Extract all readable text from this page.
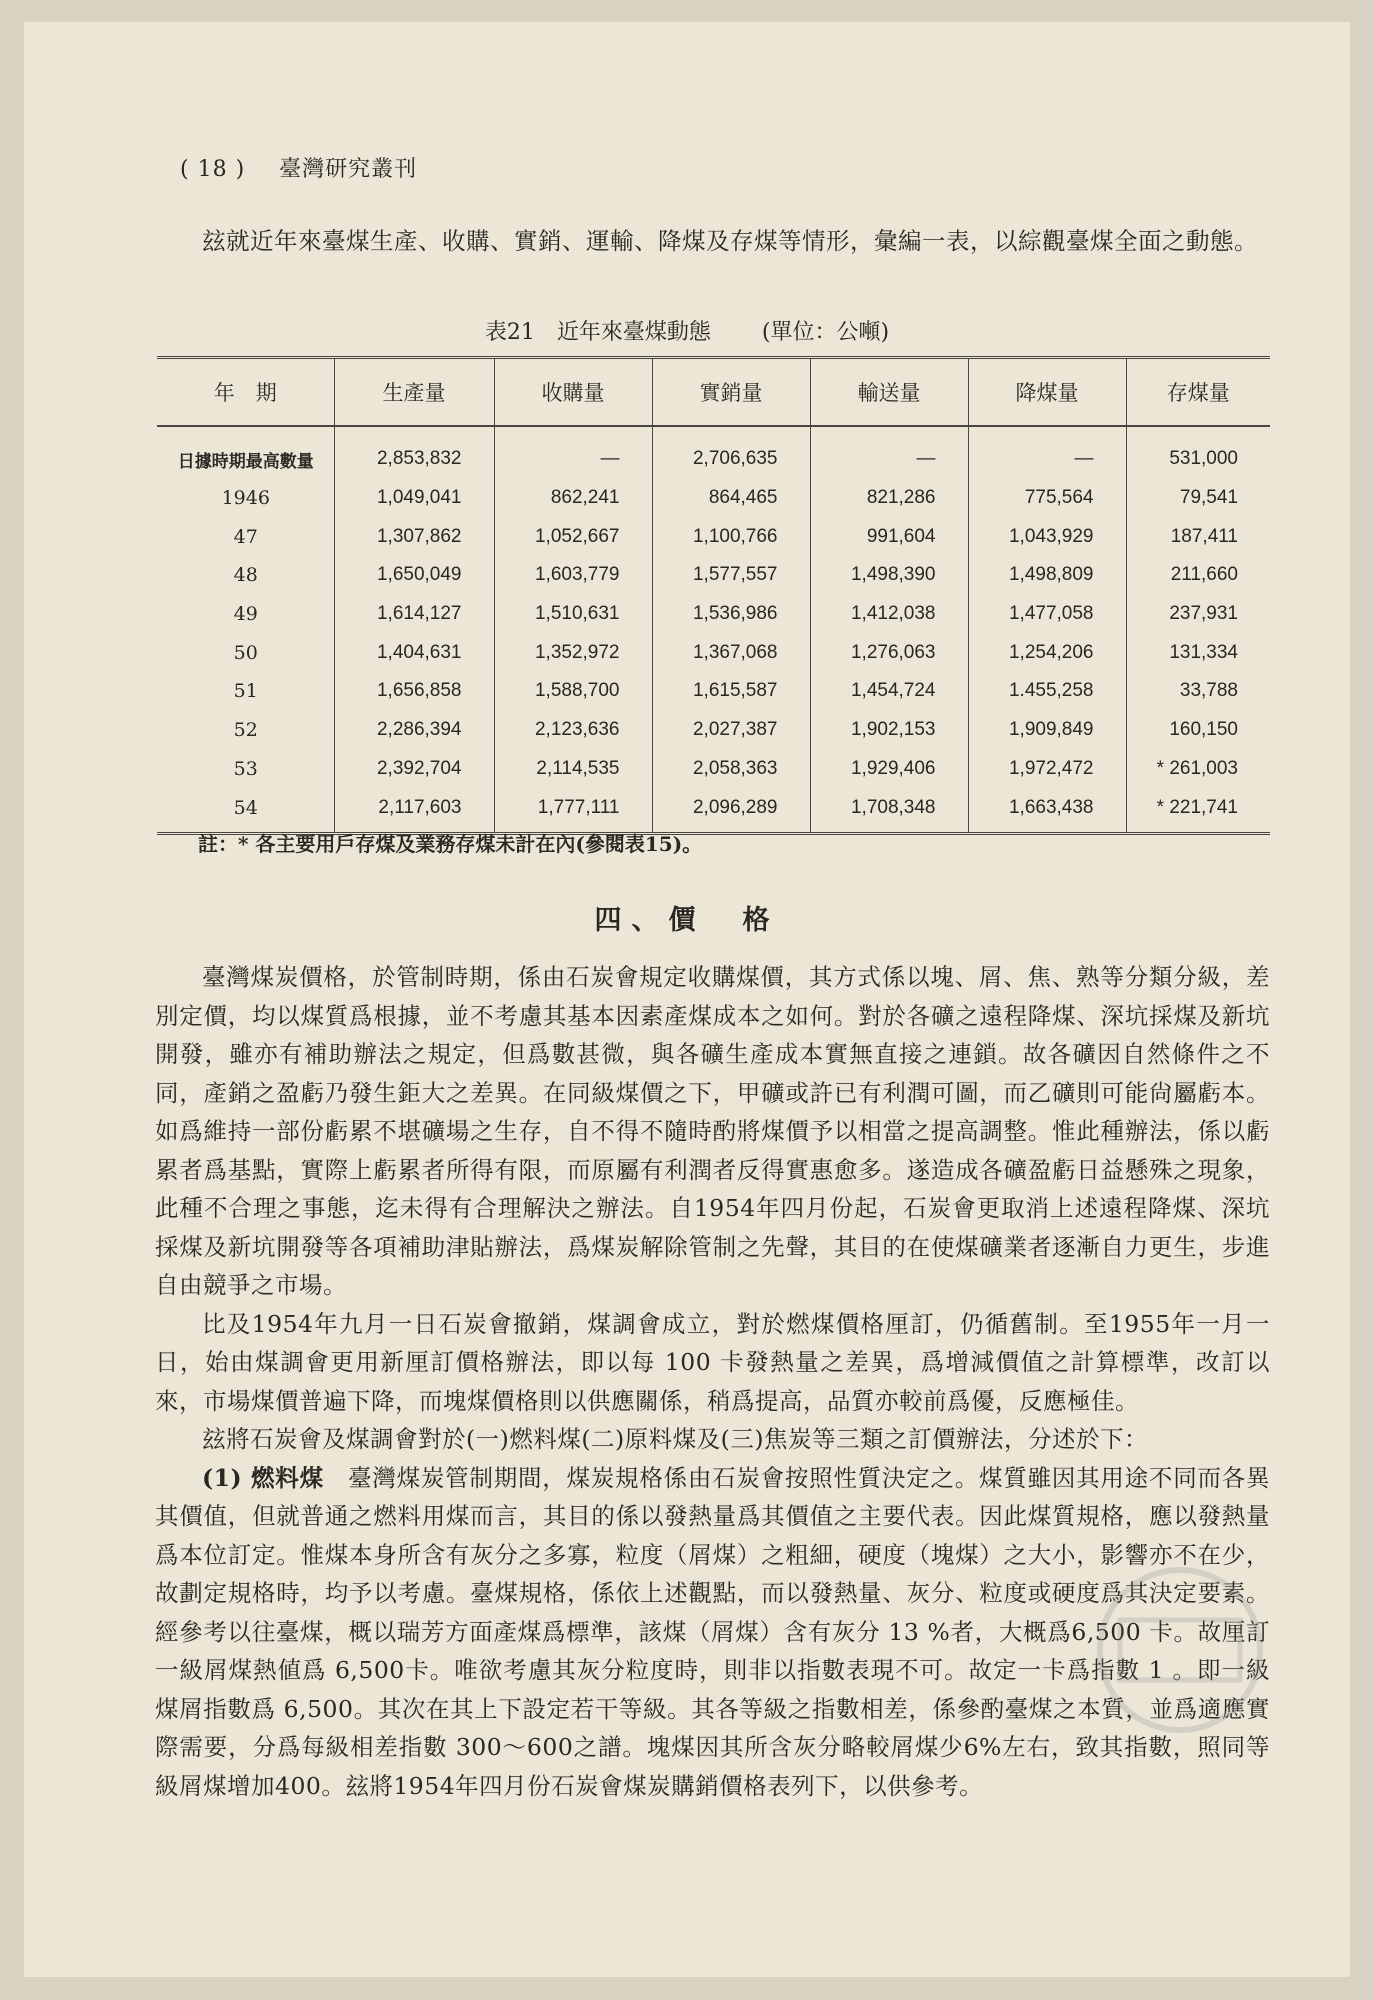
( 18 ) 臺灣研究叢刊

玆就近年來臺煤生產、收購、實銷、運輸、降煤及存煤等情形，彙編一表，以綜觀臺煤全面之動態。

表21　近年來臺煤動態 (單位：公噸)
年　期	生產量	收購量	實銷量	輸送量	降煤量	存煤量
日據時期最高數量	2,853,832	—	2,706,635	—	—	531,000
1946	1,049,041	862,241	864,465	821,286	775,564	79,541
47	1,307,862	1,052,667	1,100,766	991,604	1,043,929	187,411
48	1,650,049	1,603,779	1,577,557	1,498,390	1,498,809	211,660
49	1,614,127	1,510,631	1,536,986	1,412,038	1,477,058	237,931
50	1,404,631	1,352,972	1,367,068	1,276,063	1,254,206	131,334
51	1,656,858	1,588,700	1,615,587	1,454,724	1.455,258	33,788
52	2,286,394	2,123,636	2,027,387	1,902,153	1,909,849	160,150
53	2,392,704	2,114,535	2,058,363	1,929,406	1,972,472	* 261,003
54	2,117,603	1,777,111	2,096,289	1,708,348	1,663,438	* 221,741
註：* 各主要用戶存煤及業務存煤未計在內(參閱表15)。
四、價　格

臺灣煤炭價格，於管制時期，係由石炭會規定收購煤價，其方式係以塊、屑、焦、熟等分類分級，差別定價，均以煤質爲根據，並不考慮其基本因素產煤成本之如何。對於各礦之遠程降煤、深坑採煤及新坑開發，雖亦有補助辦法之規定，但爲數甚微，與各礦生產成本實無直接之連鎖。故各礦因自然條件之不同，產銷之盈虧乃發生鉅大之差異。在同級煤價之下，甲礦或許已有利潤可圖，而乙礦則可能尙屬虧本。如爲維持一部份虧累不堪礦場之生存，自不得不隨時酌將煤價予以相當之提高調整。惟此種辦法，係以虧累者爲基點，實際上虧累者所得有限，而原屬有利潤者反得實惠愈多。遂造成各礦盈虧日益懸殊之現象，此種不合理之事態，迄未得有合理解決之辦法。自1954年四月份起，石炭會更取消上述遠程降煤、深坑採煤及新坑開發等各項補助津貼辦法，爲煤炭解除管制之先聲，其目的在使煤礦業者逐漸自力更生，步進自由競爭之市場。

比及1954年九月一日石炭會撤銷，煤調會成立，對於燃煤價格厘訂，仍循舊制。至1955年一月一日，始由煤調會更用新厘訂價格辦法，即以每 100 卡發熱量之差異，爲增減價值之計算標準，改訂以來，市場煤價普遍下降，而塊煤價格則以供應關係，稍爲提高，品質亦較前爲優，反應極佳。

玆將石炭會及煤調會對於(一)燃料煤(二)原料煤及(三)焦炭等三類之訂價辦法，分述於下：

(1) 燃料煤　臺灣煤炭管制期間，煤炭規格係由石炭會按照性質決定之。煤質雖因其用途不同而各異其價值，但就普通之燃料用煤而言，其目的係以發熱量爲其價值之主要代表。因此煤質規格，應以發熱量爲本位訂定。惟煤本身所含有灰分之多寡，粒度（屑煤）之粗細，硬度（塊煤）之大小，影響亦不在少，故劃定規格時，均予以考慮。臺煤規格，係依上述觀點，而以發熱量、灰分、粒度或硬度爲其決定要素。經參考以往臺煤，概以瑞芳方面產煤爲標準，該煤（屑煤）含有灰分 13 %者，大概爲6,500 卡。故厘訂一級屑煤熱値爲 6,500卡。唯欲考慮其灰分粒度時，則非以指數表現不可。故定一卡爲指數 1 。即一級煤屑指數爲 6,500。其次在其上下設定若干等級。其各等級之指數相差，係參酌臺煤之本質，並爲適應實際需要，分爲每級相差指數 300～600之譜。塊煤因其所含灰分略較屑煤少6%左右，致其指數，照同等級屑煤增加400。玆將1954年四月份石炭會煤炭購銷價格表列下，以供參考。
